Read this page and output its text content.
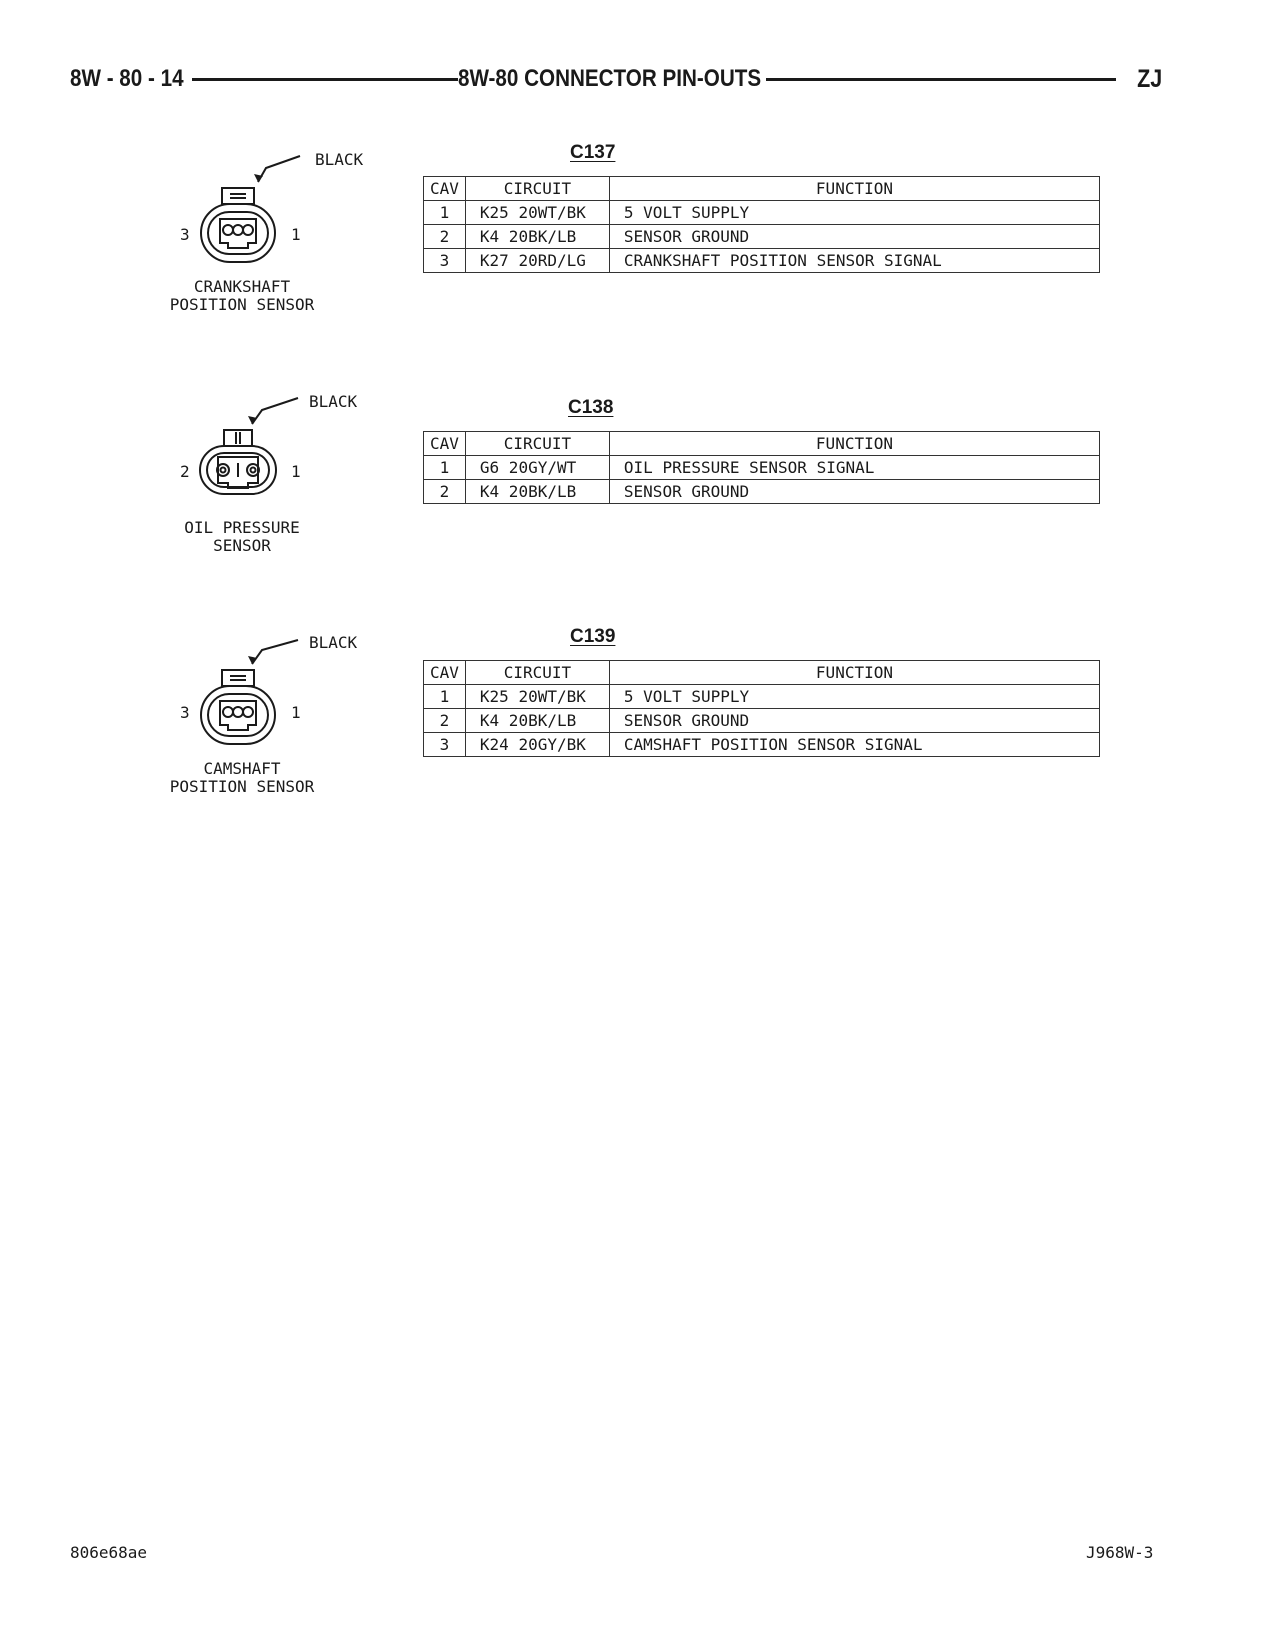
8W - 80 - 14	8W-80 CONNECTOR PIN-OUTS	ZJ
BLACK
3	1
CRANKSHAFT
POSITION SENSOR
C137
CAV	CIRCUIT	FUNCTION
1	K25 20WT/BK	5 VOLT SUPPLY
2	K4 20BK/LB	SENSOR GROUND
3	K27 20RD/LG	CRANKSHAFT POSITION SENSOR SIGNAL
BLACK
2	1
OIL PRESSURE
SENSOR
C138
CAV	CIRCUIT	FUNCTION
1	G6 20GY/WT	OIL PRESSURE SENSOR SIGNAL
2	K4 20BK/LB	SENSOR GROUND
BLACK
3	1
CAMSHAFT
POSITION SENSOR
C139
CAV	CIRCUIT	FUNCTION
1	K25 20WT/BK	5 VOLT SUPPLY
2	K4 20BK/LB	SENSOR GROUND
3	K24 20GY/BK	CAMSHAFT POSITION SENSOR SIGNAL
806e68ae	J968W-3
